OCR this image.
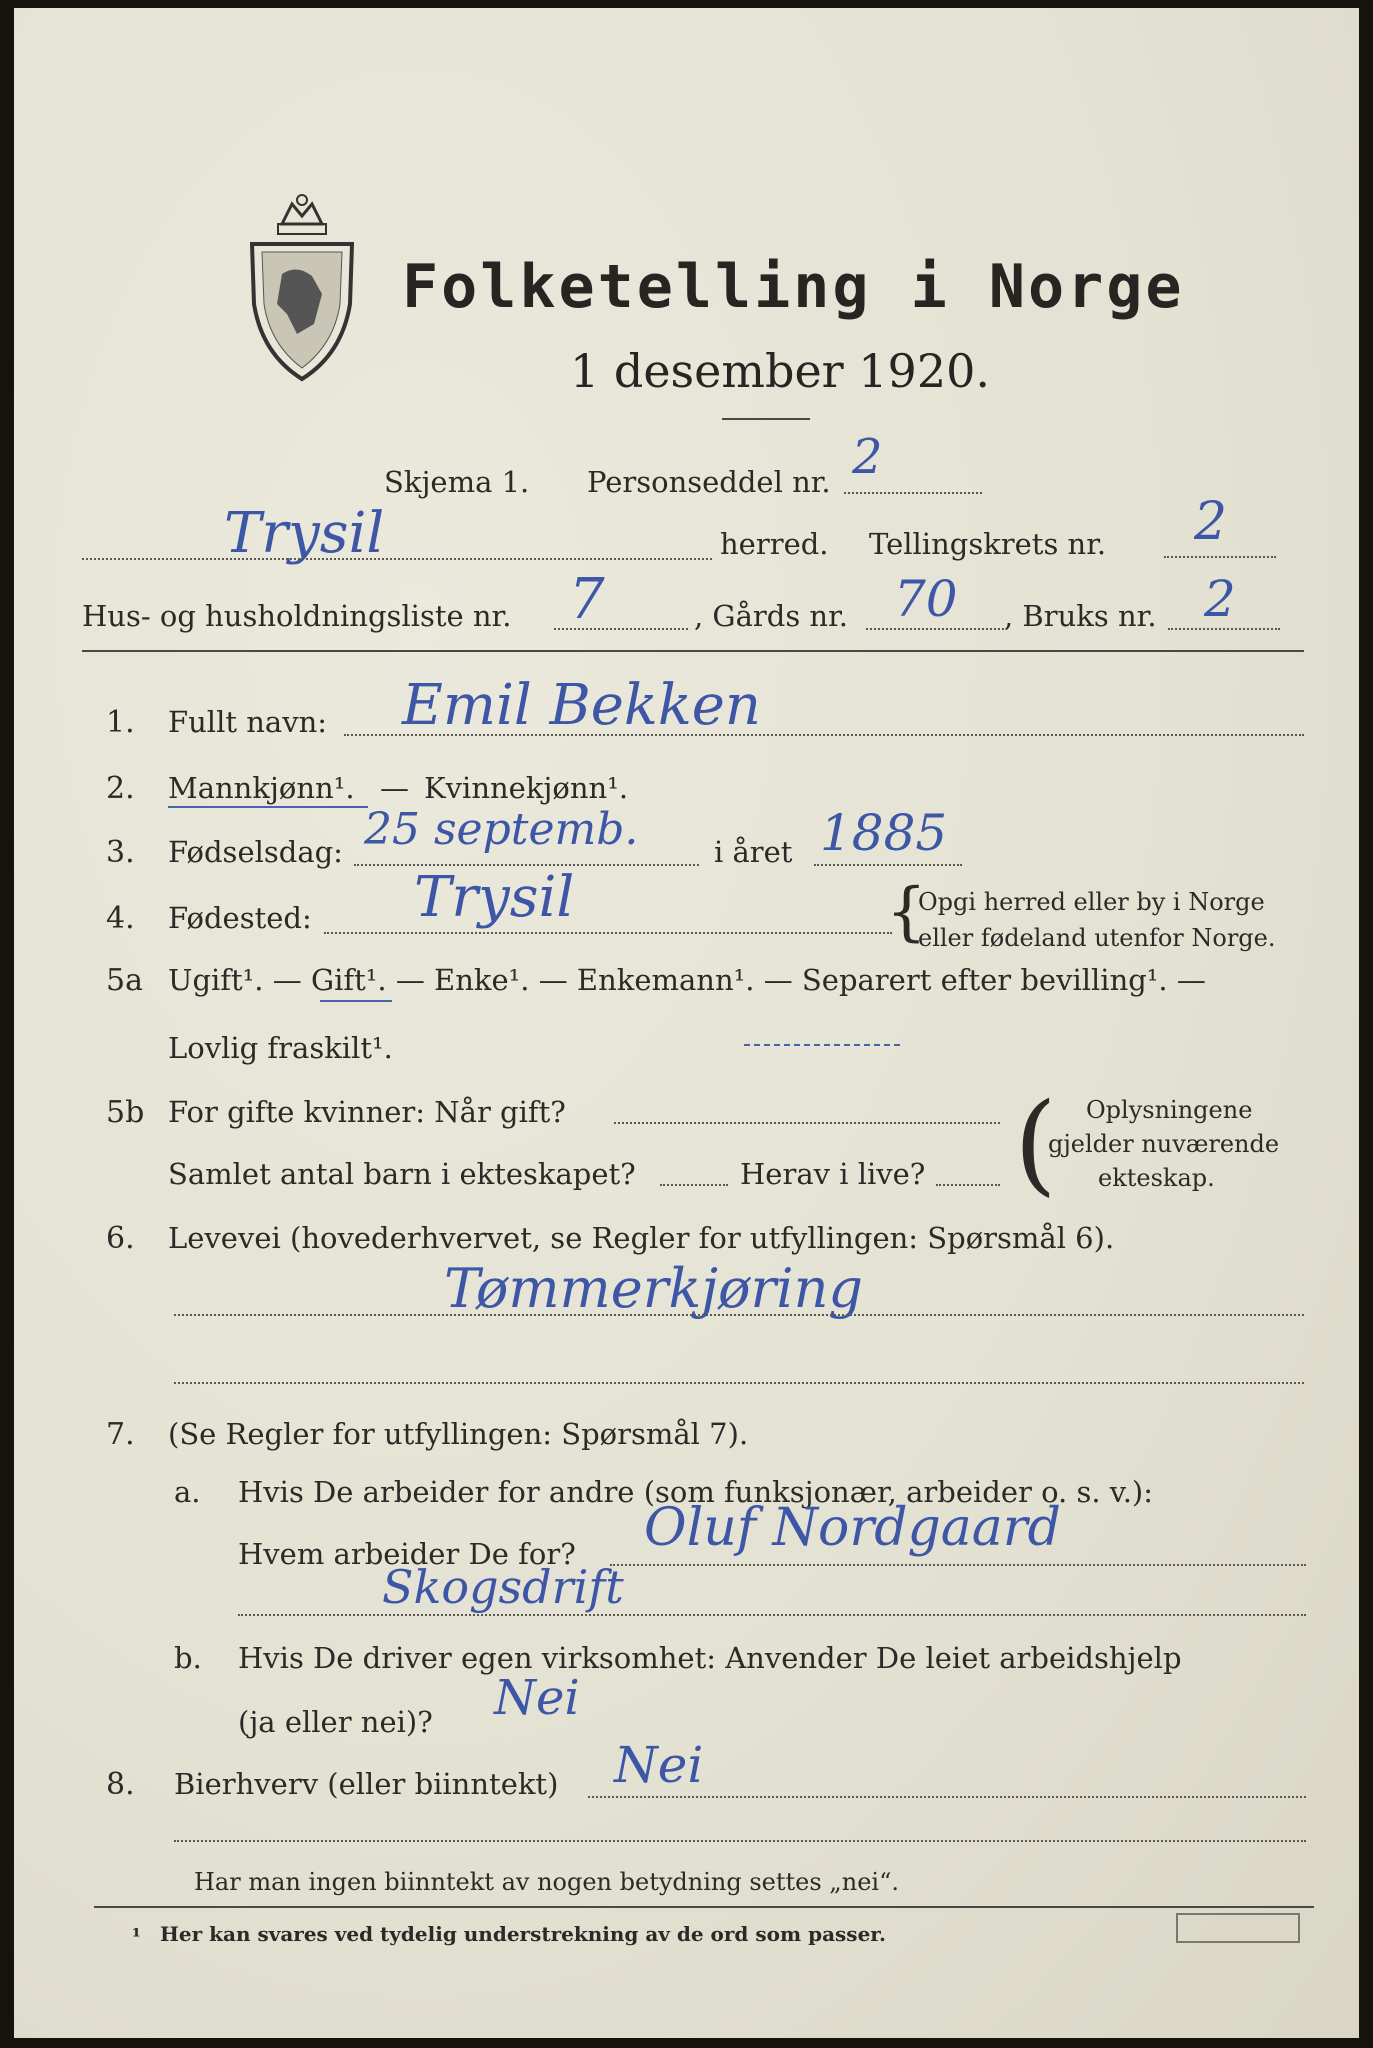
Folketelling i Norge
1 desember 1920.
Skjema 1. Personseddel nr. 2
Trysil	herred. Tellingskrets nr. 2
Hus- og husholdningsliste nr. 7	, Gårds nr. 70 , Bruks nr. 2
1. Fullt navn: Emil Bekken
2. Mannkjønn¹. — Kvinnekjønn¹.
3. Fødselsdag: 25 septemb.	i året 1885
4. Fødested: Trysil	{
Opgi herred eller by i Norge
eller fødeland utenfor Norge.
5a Ugift¹. — Gift¹. — Enke¹. — Enkemann¹. — Separert efter bevilling¹. —
Lovlig fraskilt¹.
5b For gifte kvinner: Når gift?
Samlet antal barn i ekteskapet?	Herav i live? ( Oplysningene
gjelder nuværende
ekteskap.
6. Levevei (hovederhvervet, se Regler for utfyllingen: Spørsmål 6).
Tømmerkjøring
7. (Se Regler for utfyllingen: Spørsmål 7).
a. Hvis De arbeider for andre (som funksjonær, arbeider o. s. v.):
Hvem arbeider De for? Oluf Nordgaard
Skogsdrift
b. Hvis De driver egen virksomhet: Anvender De leiet arbeidshjelp
(ja eller nei)? Nei
8. Bierhverv (eller biinntekt) Nei
Har man ingen biinntekt av nogen betydning settes „nei“.
¹ Her kan svares ved tydelig understrekning av de ord som passer.
